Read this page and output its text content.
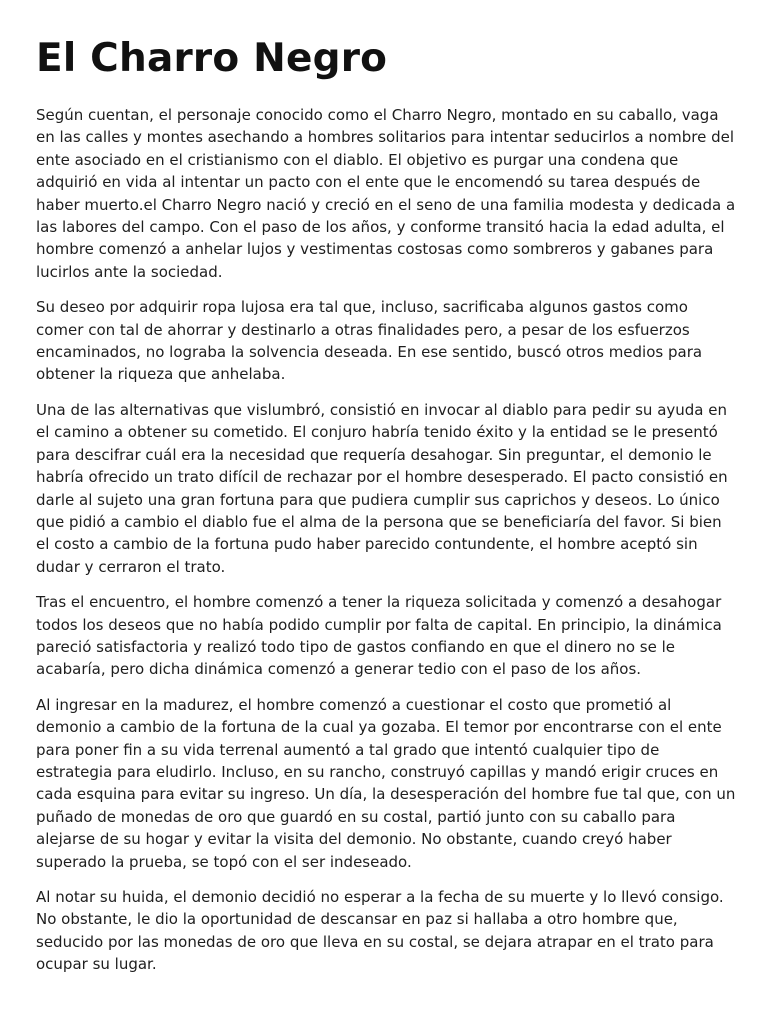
El Charro Negro

Según cuentan, el personaje conocido como el Charro Negro, montado en su caballo, vaga en las calles y montes asechando a hombres solitarios para intentar seducirlos a nombre del ente asociado en el cristianismo con el diablo. El objetivo es purgar una condena que adquirió en vida al intentar un pacto con el ente que le encomendó su tarea después de haber muerto.el Charro Negro nació y creció en el seno de una familia modesta y dedicada a las labores del campo. Con el paso de los años, y conforme transitó hacia la edad adulta, el hombre comenzó a anhelar lujos y vestimentas costosas como sombreros y gabanes para lucirlos ante la sociedad.

Su deseo por adquirir ropa lujosa era tal que, incluso, sacrificaba algunos gastos como comer con tal de ahorrar y destinarlo a otras finalidades pero, a pesar de los esfuerzos encaminados, no lograba la solvencia deseada. En ese sentido, buscó otros medios para obtener la riqueza que anhelaba.

Una de las alternativas que vislumbró, consistió en invocar al diablo para pedir su ayuda en el camino a obtener su cometido. El conjuro habría tenido éxito y la entidad se le presentó para descifrar cuál era la necesidad que requería desahogar. Sin preguntar, el demonio le habría ofrecido un trato difícil de rechazar por el hombre desesperado. El pacto consistió en darle al sujeto una gran fortuna para que pudiera cumplir sus caprichos y deseos. Lo único que pidió a cambio el diablo fue el alma de la persona que se beneficiaría del favor. Si bien el costo a cambio de la fortuna pudo haber parecido contundente, el hombre aceptó sin dudar y cerraron el trato.

Tras el encuentro, el hombre comenzó a tener la riqueza solicitada y comenzó a desahogar todos los deseos que no había podido cumplir por falta de capital. En principio, la dinámica pareció satisfactoria y realizó todo tipo de gastos confiando en que el dinero no se le acabaría, pero dicha dinámica comenzó a generar tedio con el paso de los años.

Al ingresar en la madurez, el hombre comenzó a cuestionar el costo que prometió al demonio a cambio de la fortuna de la cual ya gozaba. El temor por encontrarse con el ente para poner fin a su vida terrenal aumentó a tal grado que intentó cualquier tipo de estrategia para eludirlo. Incluso, en su rancho, construyó capillas y mandó erigir cruces en cada esquina para evitar su ingreso. Un día, la desesperación del hombre fue tal que, con un puñado de monedas de oro que guardó en su costal, partió junto con su caballo para alejarse de su hogar y evitar la visita del demonio. No obstante, cuando creyó haber superado la prueba, se topó con el ser indeseado.

Al notar su huida, el demonio decidió no esperar a la fecha de su muerte y lo llevó consigo. No obstante, le dio la oportunidad de descansar en paz si hallaba a otro hombre que, seducido por las monedas de oro que lleva en su costal, se dejara atrapar en el trato para ocupar su lugar.
